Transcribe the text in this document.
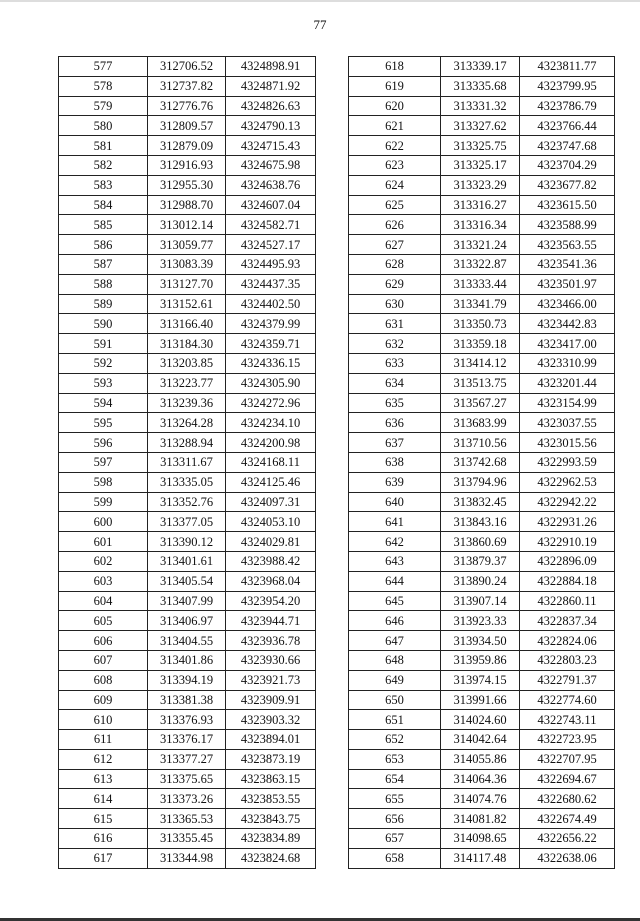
77
577	312706.52	4324898.91
578	312737.82	4324871.92
579	312776.76	4324826.63
580	312809.57	4324790.13
581	312879.09	4324715.43
582	312916.93	4324675.98
583	312955.30	4324638.76
584	312988.70	4324607.04
585	313012.14	4324582.71
586	313059.77	4324527.17
587	313083.39	4324495.93
588	313127.70	4324437.35
589	313152.61	4324402.50
590	313166.40	4324379.99
591	313184.30	4324359.71
592	313203.85	4324336.15
593	313223.77	4324305.90
594	313239.36	4324272.96
595	313264.28	4324234.10
596	313288.94	4324200.98
597	313311.67	4324168.11
598	313335.05	4324125.46
599	313352.76	4324097.31
600	313377.05	4324053.10
601	313390.12	4324029.81
602	313401.61	4323988.42
603	313405.54	4323968.04
604	313407.99	4323954.20
605	313406.97	4323944.71
606	313404.55	4323936.78
607	313401.86	4323930.66
608	313394.19	4323921.73
609	313381.38	4323909.91
610	313376.93	4323903.32
611	313376.17	4323894.01
612	313377.27	4323873.19
613	313375.65	4323863.15
614	313373.26	4323853.55
615	313365.53	4323843.75
616	313355.45	4323834.89
617	313344.98	4323824.68
618	313339.17	4323811.77
619	313335.68	4323799.95
620	313331.32	4323786.79
621	313327.62	4323766.44
622	313325.75	4323747.68
623	313325.17	4323704.29
624	313323.29	4323677.82
625	313316.27	4323615.50
626	313316.34	4323588.99
627	313321.24	4323563.55
628	313322.87	4323541.36
629	313333.44	4323501.97
630	313341.79	4323466.00
631	313350.73	4323442.83
632	313359.18	4323417.00
633	313414.12	4323310.99
634	313513.75	4323201.44
635	313567.27	4323154.99
636	313683.99	4323037.55
637	313710.56	4323015.56
638	313742.68	4322993.59
639	313794.96	4322962.53
640	313832.45	4322942.22
641	313843.16	4322931.26
642	313860.69	4322910.19
643	313879.37	4322896.09
644	313890.24	4322884.18
645	313907.14	4322860.11
646	313923.33	4322837.34
647	313934.50	4322824.06
648	313959.86	4322803.23
649	313974.15	4322791.37
650	313991.66	4322774.60
651	314024.60	4322743.11
652	314042.64	4322723.95
653	314055.86	4322707.95
654	314064.36	4322694.67
655	314074.76	4322680.62
656	314081.82	4322674.49
657	314098.65	4322656.22
658	314117.48	4322638.06
